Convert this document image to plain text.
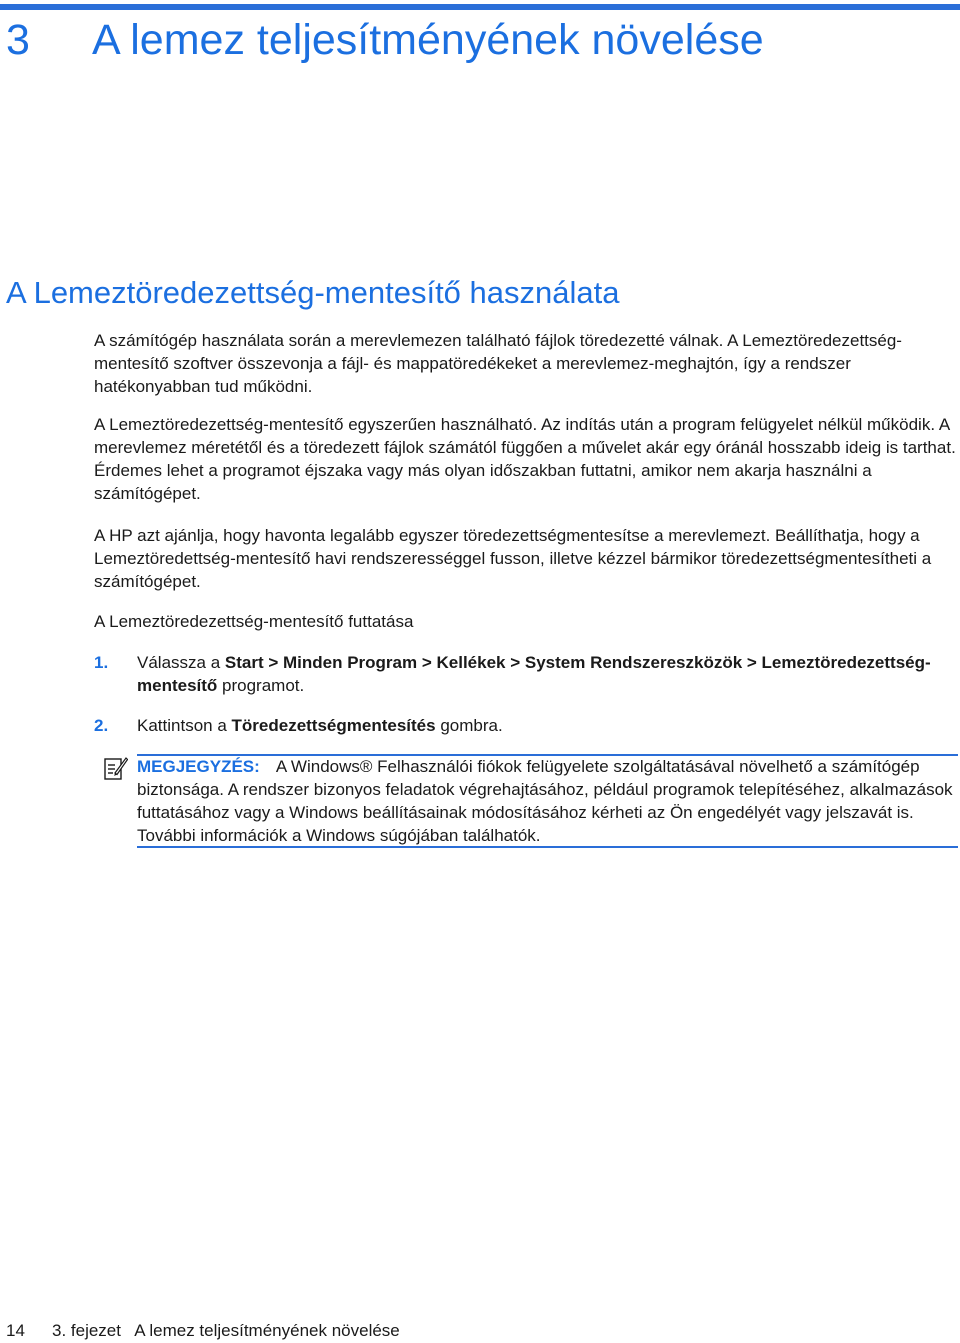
3 A lemez teljesítményének növelése
A Lemeztöredezettség-mentesítő használata

A számítógép használata során a merevlemezen található fájlok töredezetté válnak. A Lemeztöredezettség-mentesítő szoftver összevonja a fájl- és mappatöredékeket a merevlemez-meghajtón, így a rendszer hatékonyabban tud működni.

A Lemeztöredezettség-mentesítő egyszerűen használható. Az indítás után a program felügyelet nélkül működik. A merevlemez méretétől és a töredezett fájlok számától függően a művelet akár egy óránál hosszabb ideig is tarthat. Érdemes lehet a programot éjszaka vagy más olyan időszakban futtatni, amikor nem akarja használni a számítógépet.

A HP azt ajánlja, hogy havonta legalább egyszer töredezettségmentesítse a merevlemezt. Beállíthatja, hogy a Lemeztöredettség-mentesítő havi rendszerességgel fusson, illetve kézzel bármikor töredezettségmentesítheti a számítógépet.

A Lemeztöredezettség-mentesítő futtatása

1. Válassza a Start > Minden Program > Kellékek > System Rendszereszközök > Lemeztöredezettség-mentesítő programot.
2. Kattintson a Töredezettségmentesítés gombra.

MEGJEGYZÉS: A Windows® Felhasználói fiókok felügyelete szolgáltatásával növelhető a számítógép biztonsága. A rendszer bizonyos feladatok végrehajtásához, például programok telepítéséhez, alkalmazások futtatásához vagy a Windows beállításainak módosításához kérheti az Ön engedélyét vagy jelszavát is. További információk a Windows súgójában találhatók.

14 3. fejezet   A lemez teljesítményének növelése
